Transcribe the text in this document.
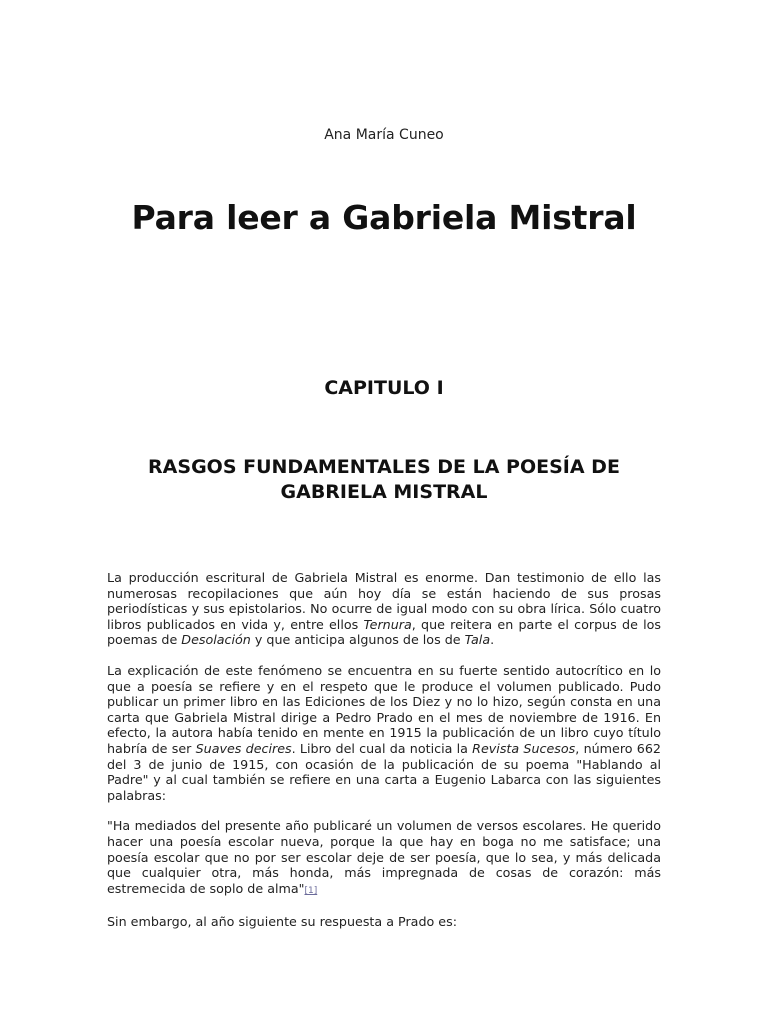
Ana María Cuneo
Para leer a Gabriela Mistral
CAPITULO I
RASGOS FUNDAMENTALES DE LA POESÍA DE GABRIELA MISTRAL

La producción escritural de Gabriela Mistral es enorme. Dan testimonio de ello las numerosas recopilaciones que aún hoy día se están haciendo de sus prosas periodísticas y sus epistolarios. No ocurre de igual modo con su obra lírica. Sólo cuatro libros publicados en vida y, entre ellos Ternura, que reitera en parte el corpus de los poemas de Desolación y que anticipa algunos de los de Tala.

La explicación de este fenómeno se encuentra en su fuerte sentido autocrítico en lo que a poesía se refiere y en el respeto que le produce el volumen publicado. Pudo publicar un primer libro en las Ediciones de los Diez y no lo hizo, según consta en una carta que Gabriela Mistral dirige a Pedro Prado en el mes de noviembre de 1916. En efecto, la autora había tenido en mente en 1915 la publicación de un libro cuyo título habría de ser Suaves decires. Libro del cual da noticia la Revista Sucesos, número 662 del 3 de junio de 1915, con ocasión de la publicación de su poema "Hablando al Padre" y al cual también se refiere en una carta a Eugenio Labarca con las siguientes palabras:

"Ha mediados del presente año publicaré un volumen de versos escolares. He querido hacer una poesía escolar nueva, porque la que hay en boga no me satisface; una poesía escolar que no por ser escolar deje de ser poesía, que lo sea, y más delicada que cualquier otra, más honda, más impregnada de cosas de corazón: más estremecida de soplo de alma"[1]

Sin embargo, al año siguiente su respuesta a Prado es:
